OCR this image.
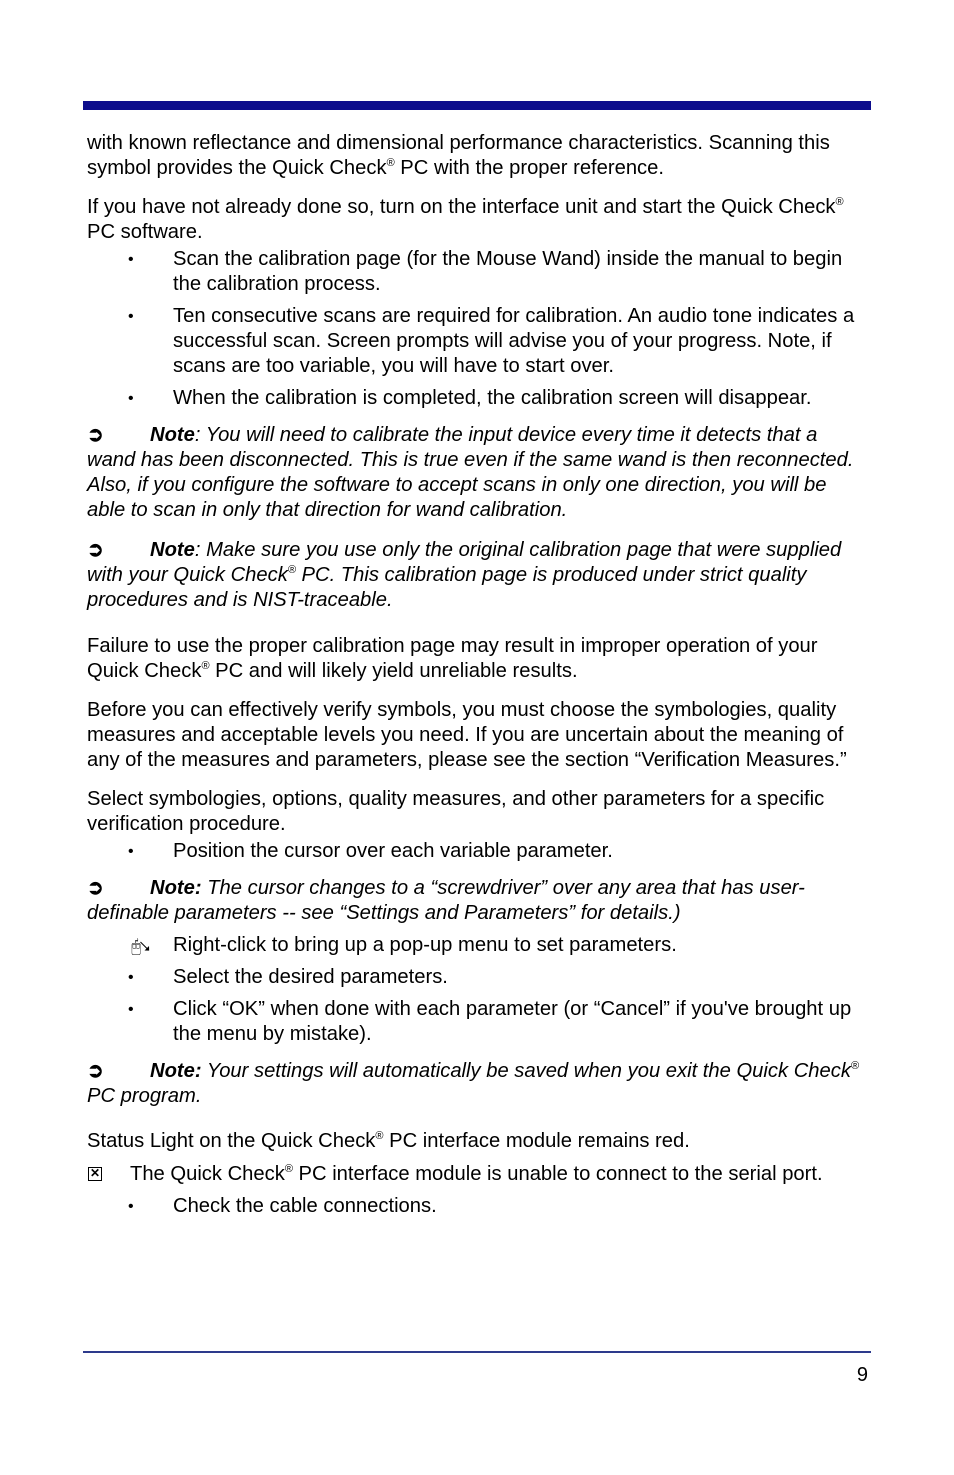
with known reflectance and dimensional performance characteristics. Scanning this symbol provides the Quick Check® PC with the proper reference.

If you have not already done so, turn on the interface unit and start the Quick Check® PC software.

• Scan the calibration page (for the Mouse Wand) inside the manual to begin the calibration process.
• Ten consecutive scans are required for calibration. An audio tone indicates a successful scan. Screen prompts will advise you of your progress. Note, if scans are too variable, you will have to start over.
• When the calibration is completed, the calibration screen will disappear.

➲ Note: You will need to calibrate the input device every time it detects that a wand has been disconnected. This is true even if the same wand is then reconnected. Also, if you configure the software to accept scans in only one direction, you will be able to scan in only that direction for wand calibration.

➲ Note: Make sure you use only the original calibration page that were supplied with your Quick Check® PC. This calibration page is produced under strict quality procedures and is NIST-traceable.

Failure to use the proper calibration page may result in improper operation of your Quick Check® PC and will likely yield unreliable results.

Before you can effectively verify symbols, you must choose the symbologies, quality measures and acceptable levels you need. If you are uncertain about the meaning of any of the measures and parameters, please see the section “Verification Measures.”

Select symbologies, options, quality measures, and other parameters for a specific verification procedure.

• Position the cursor over each variable parameter.

➲ Note: The cursor changes to a “screwdriver” over any area that has user-definable parameters -- see “Settings and Parameters” for details.)

🖰⭨ Right-click to bring up a pop-up menu to set parameters.
• Select the desired parameters.
• Click “OK” when done with each parameter (or “Cancel” if you've brought up the menu by mistake).

➲ Note: Your settings will automatically be saved when you exit the Quick Check® PC program.

Status Light on the Quick Check® PC interface module remains red.

✕ The Quick Check® PC interface module is unable to connect to the serial port.
• Check the cable connections.
9
